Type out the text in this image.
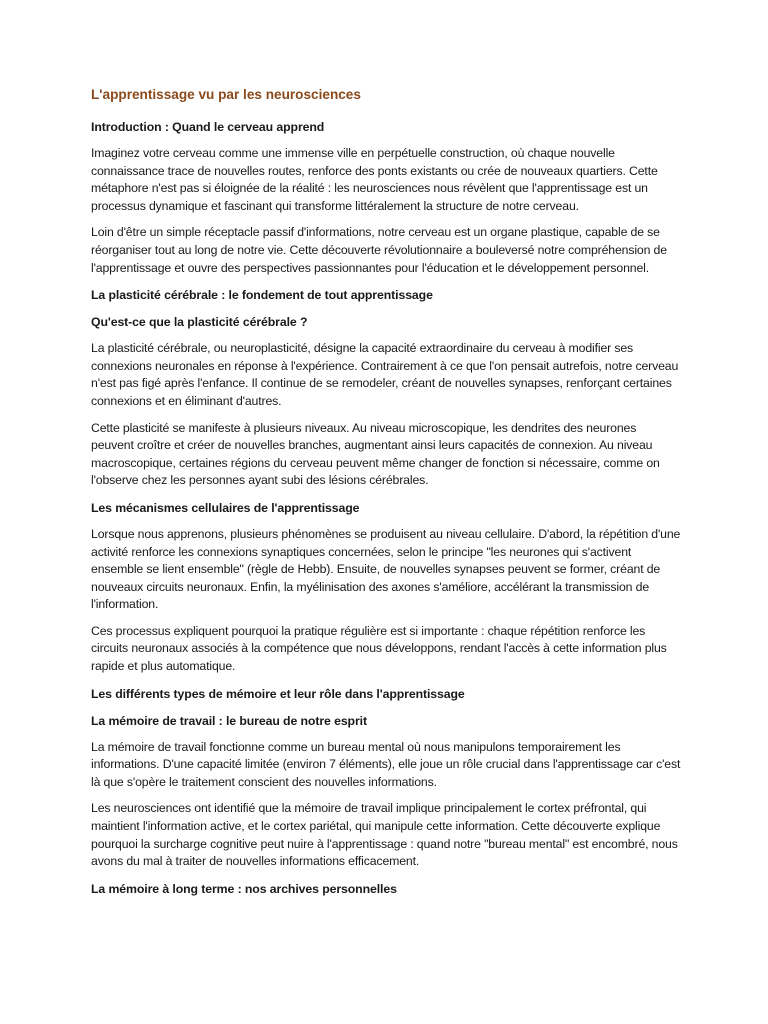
L'apprentissage vu par les neurosciences
Introduction : Quand le cerveau apprend

Imaginez votre cerveau comme une immense ville en perpétuelle construction, où chaque nouvelle connaissance trace de nouvelles routes, renforce des ponts existants ou crée de nouveaux quartiers. Cette métaphore n'est pas si éloignée de la réalité : les neurosciences nous révèlent que l'apprentissage est un processus dynamique et fascinant qui transforme littéralement la structure de notre cerveau.

Loin d'être un simple réceptacle passif d'informations, notre cerveau est un organe plastique, capable de se réorganiser tout au long de notre vie. Cette découverte révolutionnaire a bouleversé notre compréhension de l'apprentissage et ouvre des perspectives passionnantes pour l'éducation et le développement personnel.

La plasticité cérébrale : le fondement de tout apprentissage
Qu'est-ce que la plasticité cérébrale ?

La plasticité cérébrale, ou neuroplasticité, désigne la capacité extraordinaire du cerveau à modifier ses connexions neuronales en réponse à l'expérience. Contrairement à ce que l'on pensait autrefois, notre cerveau n'est pas figé après l'enfance. Il continue de se remodeler, créant de nouvelles synapses, renforçant certaines connexions et en éliminant d'autres.

Cette plasticité se manifeste à plusieurs niveaux. Au niveau microscopique, les dendrites des neurones peuvent croître et créer de nouvelles branches, augmentant ainsi leurs capacités de connexion. Au niveau macroscopique, certaines régions du cerveau peuvent même changer de fonction si nécessaire, comme on l'observe chez les personnes ayant subi des lésions cérébrales.

Les mécanismes cellulaires de l'apprentissage

Lorsque nous apprenons, plusieurs phénomènes se produisent au niveau cellulaire. D'abord, la répétition d'une activité renforce les connexions synaptiques concernées, selon le principe "les neurones qui s'activent ensemble se lient ensemble" (règle de Hebb). Ensuite, de nouvelles synapses peuvent se former, créant de nouveaux circuits neuronaux. Enfin, la myélinisation des axones s'améliore, accélérant la transmission de l'information.

Ces processus expliquent pourquoi la pratique régulière est si importante : chaque répétition renforce les circuits neuronaux associés à la compétence que nous développons, rendant l'accès à cette information plus rapide et plus automatique.

Les différents types de mémoire et leur rôle dans l'apprentissage
La mémoire de travail : le bureau de notre esprit

La mémoire de travail fonctionne comme un bureau mental où nous manipulons temporairement les informations. D'une capacité limitée (environ 7 éléments), elle joue un rôle crucial dans l'apprentissage car c'est là que s'opère le traitement conscient des nouvelles informations.

Les neurosciences ont identifié que la mémoire de travail implique principalement le cortex préfrontal, qui maintient l'information active, et le cortex pariétal, qui manipule cette information. Cette découverte explique pourquoi la surcharge cognitive peut nuire à l'apprentissage : quand notre "bureau mental" est encombré, nous avons du mal à traiter de nouvelles informations efficacement.

La mémoire à long terme : nos archives personnelles
